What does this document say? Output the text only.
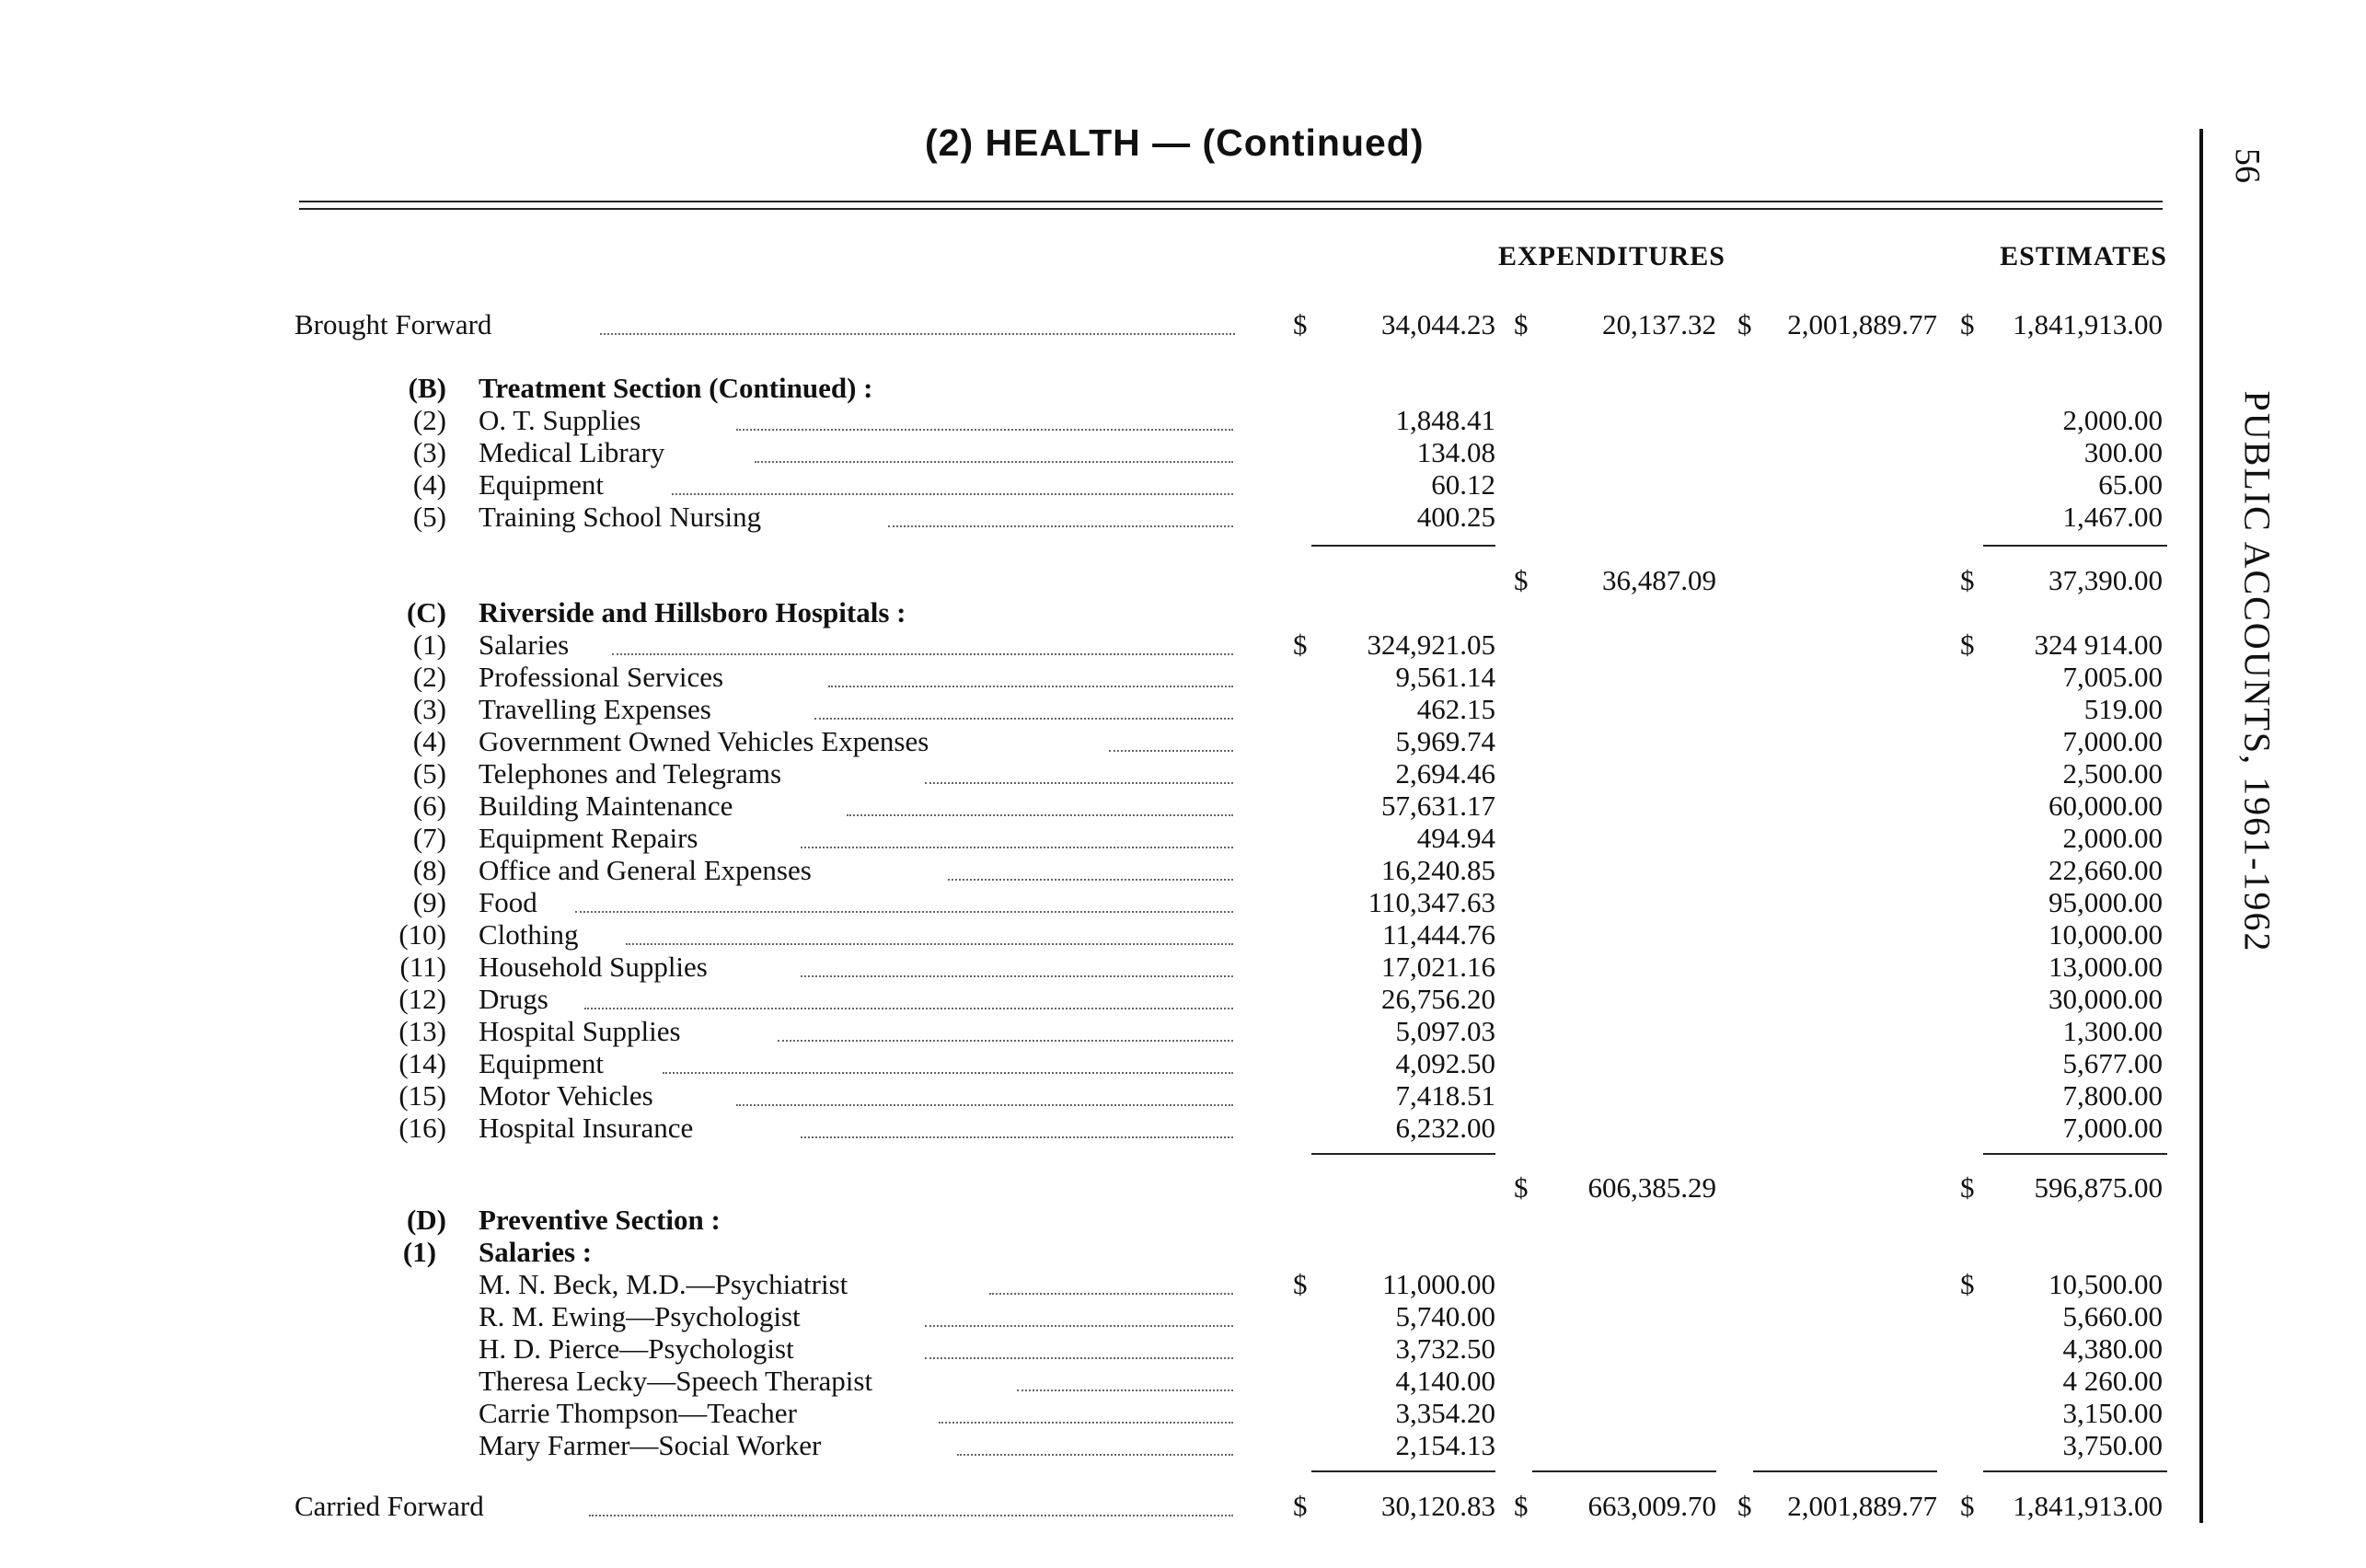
(2) HEALTH — (Continued)
56
PUBLIC ACCOUNTS, 1961-1962
EXPENDITURES	ESTIMATES
Brought Forward	$	34,044.23 $	20,137.32 $	2,001,889.77 $	1,841,913.00
(B) Treatment Section (Continued) :
(2) O. T. Supplies	1,848.41	2,000.00
(3) Medical Library	134.08	300.00
(4) Equipment	60.12	65.00
(5) Training School Nursing	400.25	1,467.00
$	36,487.09	$	37,390.00
(C) Riverside and Hillsboro Hospitals :
(1) Salaries	$	324,921.05	$	324 914.00
(2) Professional Services	9,561.14	7,005.00
(3) Travelling Expenses	462.15	519.00
(4) Government Owned Vehicles Expenses	5,969.74	7,000.00
(5) Telephones and Telegrams	2,694.46	2,500.00
(6) Building Maintenance	57,631.17	60,000.00
(7) Equipment Repairs	494.94	2,000.00
(8) Office and General Expenses	16,240.85	22,660.00
(9) Food	110,347.63	95,000.00
(10) Clothing	11,444.76	10,000.00
(11) Household Supplies	17,021.16	13,000.00
(12) Drugs	26,756.20	30,000.00
(13) Hospital Supplies	5,097.03	1,300.00
(14) Equipment	4,092.50	5,677.00
(15) Motor Vehicles	7,418.51	7,800.00
(16) Hospital Insurance	6,232.00	7,000.00
$	606,385.29	$	596,875.00
(D) Preventive Section :
(1)	Salaries :
M. N. Beck, M.D.—Psychiatrist	$	11,000.00	$	10,500.00
R. M. Ewing—Psychologist	5,740.00	5,660.00
H. D. Pierce—Psychologist	3,732.50	4,380.00
Theresa Lecky—Speech Therapist	4,140.00	4 260.00
Carrie Thompson—Teacher	3,354.20	3,150.00
Mary Farmer—Social Worker	2,154.13	3,750.00
Carried Forward	$	30,120.83 $	663,009.70 $	2,001,889.77 $	1,841,913.00
